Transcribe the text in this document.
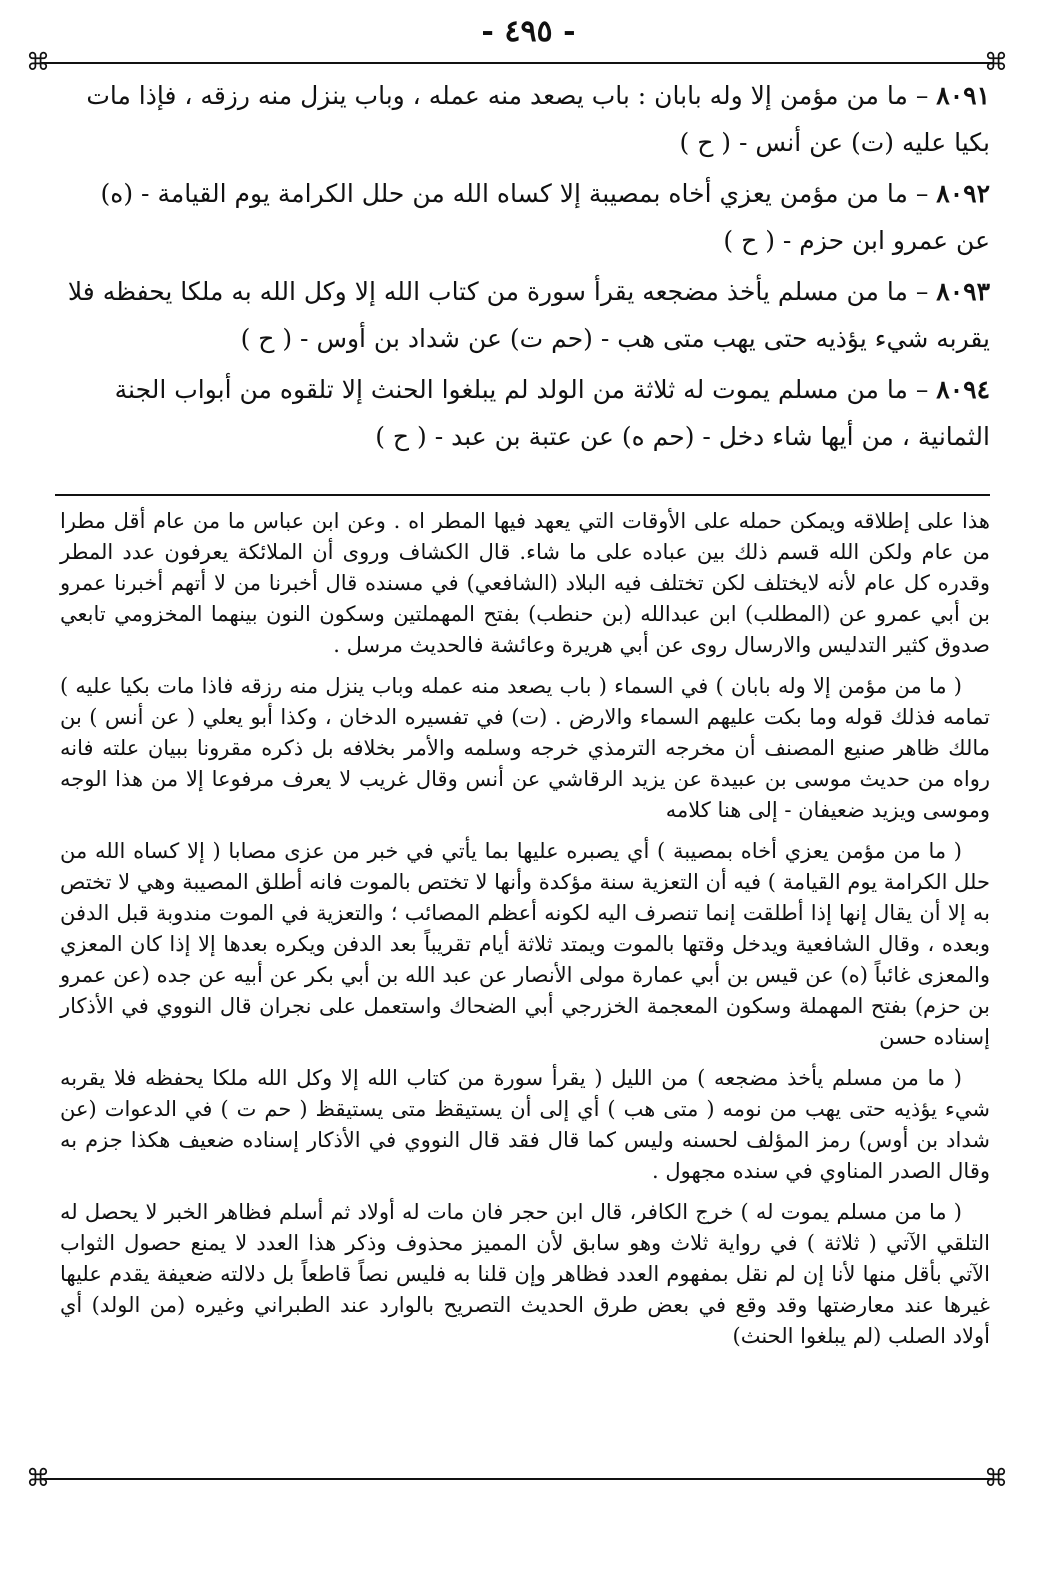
- ٤٩٥ -
⌘	⌘
⌘	⌘

٨٠٩١ – ما من مؤمن إلا وله بابان : باب يصعد منه عمله ، وباب ينزل منه رزقه ، فإذا مات بكيا عليه (ت) عن أنس - ( ح )

٨٠٩٢ – ما من مؤمن يعزي أخاه بمصيبة إلا كساه الله من حلل الكرامة يوم القيامة - (ه) عن عمرو ابن حزم - ( ح )

٨٠٩٣ – ما من مسلم يأخذ مضجعه يقرأ سورة من كتاب الله إلا وكل الله به ملكا يحفظه فلا يقربه شيء يؤذيه حتى يهب متى هب - (حم ت) عن شداد بن أوس - ( ح )

٨٠٩٤ – ما من مسلم يموت له ثلاثة من الولد لم يبلغوا الحنث إلا تلقوه من أبواب الجنة الثمانية ، من أيها شاء دخل - (حم ه) عن عتبة بن عبد - ( ح )

هذا على إطلاقه ويمكن حمله على الأوقات التي يعهد فيها المطر اه . وعن ابن عباس ما من عام أقل مطرا من عام ولكن الله قسم ذلك بين عباده على ما شاء. قال الكشاف وروى أن الملائكة يعرفون عدد المطر وقدره كل عام لأنه لايختلف لكن تختلف فيه البلاد (الشافعي) في مسنده قال أخبرنا من لا أتهم أخبرنا عمرو بن أبي عمرو عن (المطلب) ابن عبدالله (بن حنطب) بفتح المهملتين وسكون النون بينهما المخزومي تابعي صدوق كثير التدليس والارسال روى عن أبي هريرة وعائشة فالحديث مرسل .

( ما من مؤمن إلا وله بابان ) في السماء ( باب يصعد منه عمله وباب ينزل منه رزقه فاذا مات بكيا عليه ) تمامه فذلك قوله وما بكت عليهم السماء والارض . (ت) في تفسيره الدخان ، وكذا أبو يعلي ( عن أنس ) بن مالك ظاهر صنيع المصنف أن مخرجه الترمذي خرجه وسلمه والأمر بخلافه بل ذكره مقرونا ببيان علته فانه رواه من حديث موسى بن عبيدة عن يزيد الرقاشي عن أنس وقال غريب لا يعرف مرفوعا إلا من هذا الوجه وموسى ويزيد ضعيفان - إلى هنا كلامه

( ما من مؤمن يعزي أخاه بمصيبة ) أي يصبره عليها بما يأتي في خبر من عزى مصابا ( إلا كساه الله من حلل الكرامة يوم القيامة ) فيه أن التعزية سنة مؤكدة وأنها لا تختص بالموت فانه أطلق المصيبة وهي لا تختص به إلا أن يقال إنها إذا أطلقت إنما تنصرف اليه لكونه أعظم المصائب ؛ والتعزية في الموت مندوبة قبل الدفن وبعده ، وقال الشافعية ويدخل وقتها بالموت ويمتد ثلاثة أيام تقريباً بعد الدفن ويكره بعدها إلا إذا كان المعزي والمعزى غائباً (ه) عن قيس بن أبي عمارة مولى الأنصار عن عبد الله بن أبي بكر عن أبيه عن جده (عن عمرو بن حزم) بفتح المهملة وسكون المعجمة الخزرجي أبي الضحاك واستعمل على نجران قال النووي في الأذكار إسناده حسن

( ما من مسلم يأخذ مضجعه ) من الليل ( يقرأ سورة من كتاب الله إلا وكل الله ملكا يحفظه فلا يقربه شيء يؤذيه حتى يهب من نومه ( متى هب ) أي إلى أن يستيقظ متى يستيقظ ( حم ت ) في الدعوات (عن شداد بن أوس) رمز المؤلف لحسنه وليس كما قال فقد قال النووي في الأذكار إسناده ضعيف هكذا جزم به وقال الصدر المناوي في سنده مجهول .

( ما من مسلم يموت له ) خرج الكافر، قال ابن حجر فان مات له أولاد ثم أسلم فظاهر الخبر لا يحصل له التلقي الآتي ( ثلاثة ) في رواية ثلاث وهو سابق لأن المميز محذوف وذكر هذا العدد لا يمنع حصول الثواب الآتي بأقل منها لأنا إن لم نقل بمفهوم العدد فظاهر وإن قلنا به فليس نصاً قاطعاً بل دلالته ضعيفة يقدم عليها غيرها عند معارضتها وقد وقع في بعض طرق الحديث التصريح بالوارد عند الطبراني وغيره (من الولد) أي أولاد الصلب (لم يبلغوا الحنث)
